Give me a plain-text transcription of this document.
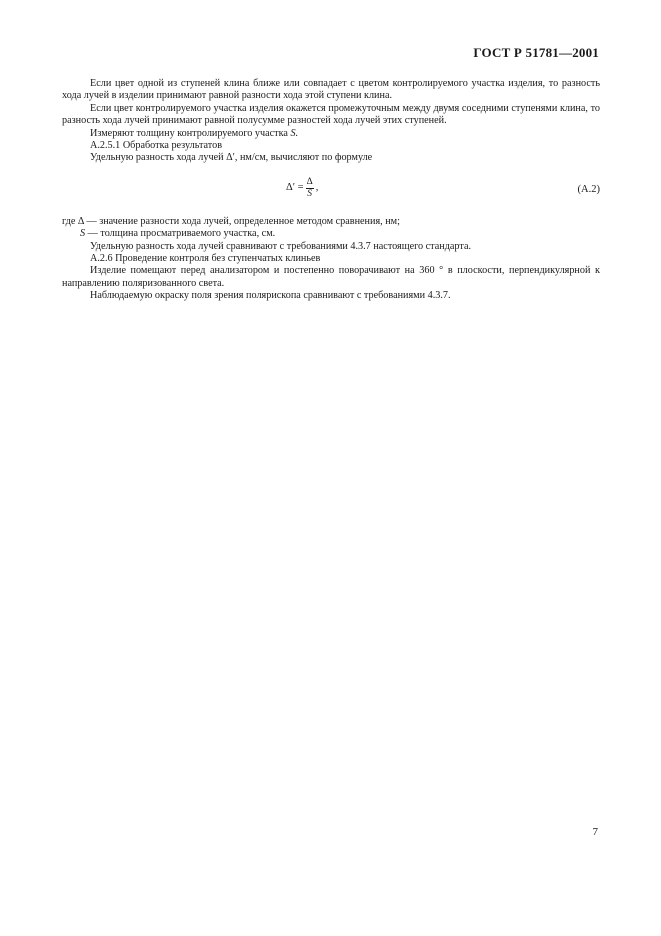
ГОСТ Р 51781—2001

Если цвет одной из ступеней клина ближе или совпадает с цветом контролируемого участка изделия, то разность хода лучей в изделии принимают равной разности хода этой ступени клина.

Если цвет контролируемого участка изделия окажется промежуточным между двумя соседними ступенями клина, то разность хода лучей принимают равной полусумме разностей хода лучей этих ступеней.

Измеряют толщину контролируемого участка S.

А.2.5.1 Обработка результатов

Удельную разность хода лучей Δ′, нм/см, вычисляют по формуле

$\Delta' = \frac{\Delta}{S}$ ,	(А.2)

где Δ — значение разности хода лучей, определенное методом сравнения, нм;

S — толщина просматриваемого участка, см.

Удельную разность хода лучей сравнивают с требованиями 4.3.7 настоящего стандарта.

А.2.6 Проведение контроля без ступенчатых клиньев

Изделие помещают перед анализатором и постепенно поворачивают на 360 ° в плоскости, перпендикулярной к направлению поляризованного света.

Наблюдаемую окраску поля зрения полярископа сравнивают с требованиями 4.3.7.

7
